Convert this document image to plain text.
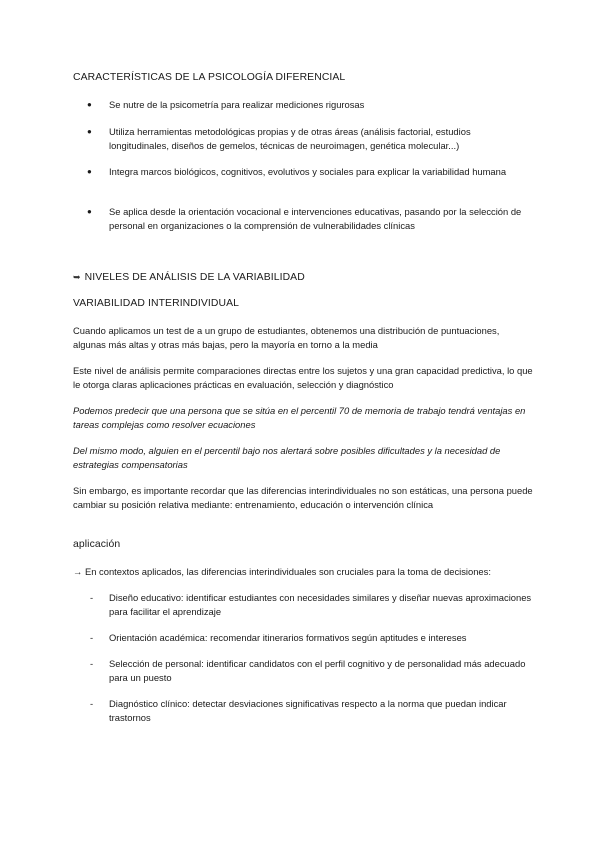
CARACTERÍSTICAS DE LA PSICOLOGÍA DIFERENCIAL

● Se nutre de la psicometría para realizar mediciones rigurosas
● Utiliza herramientas metodológicas propias y de otras áreas (análisis factorial, estudios longitudinales, diseños de gemelos, técnicas de neuroimagen, genética molecular...)
● Integra marcos biológicos, cognitivos, evolutivos y sociales para explicar la variabilidad humana
● Se aplica desde la orientación vocacional e intervenciones educativas, pasando por la selección de personal en organizaciones o la comprensión de vulnerabilidades clínicas

➥ NIVELES DE ANÁLISIS DE LA VARIABILIDAD

VARIABILIDAD INTERINDIVIDUAL

Cuando aplicamos un test de a un grupo de estudiantes, obtenemos una distribución de puntuaciones, algunas más altas y otras más bajas, pero la mayoría en torno a la media

Este nivel de análisis permite comparaciones directas entre los sujetos y una gran capacidad predictiva, lo que le otorga claras aplicaciones prácticas en evaluación, selección y diagnóstico

Podemos predecir que una persona que se sitúa en el percentil 70 de memoria de trabajo tendrá ventajas en tareas complejas como resolver ecuaciones

Del mismo modo, alguien en el percentil bajo nos alertará sobre posibles dificultades y la necesidad de estrategias compensatorias

Sin embargo, es importante recordar que las diferencias interindividuales no son estáticas, una persona puede cambiar su posición relativa mediante: entrenamiento, educación o intervención clínica

aplicación

→ En contextos aplicados, las diferencias interindividuales son cruciales para la toma de decisiones:

- Diseño educativo: identificar estudiantes con necesidades similares y diseñar nuevas aproximaciones para facilitar el aprendizaje
- Orientación académica: recomendar itinerarios formativos según aptitudes e intereses
- Selección de personal: identificar candidatos con el perfil cognitivo y de personalidad más adecuado para un puesto
- Diagnóstico clínico: detectar desviaciones significativas respecto a la norma que puedan indicar trastornos
